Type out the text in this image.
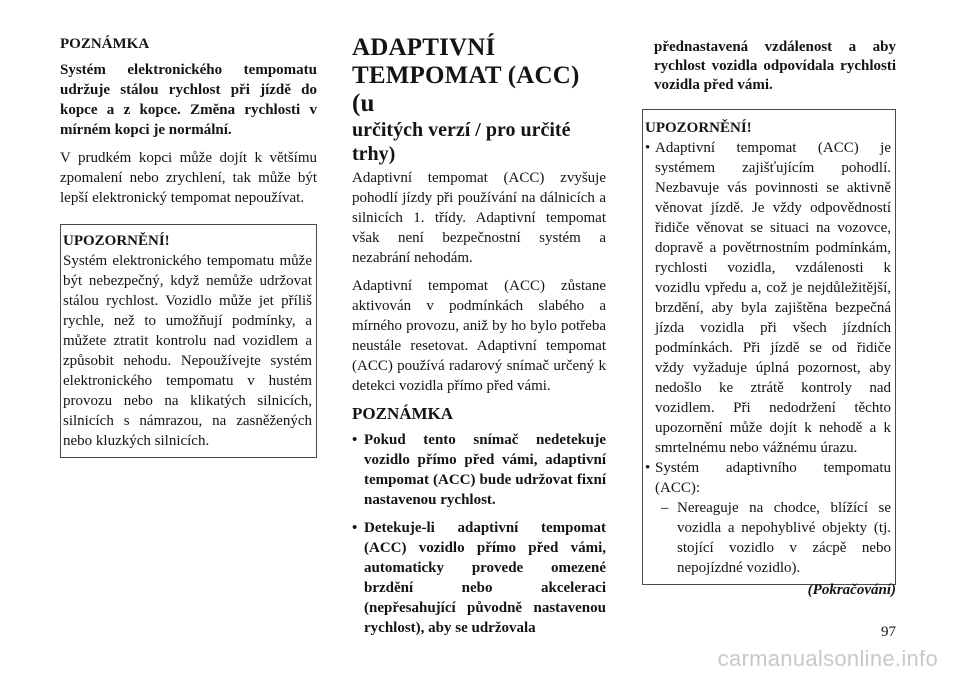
POZNÁMKA

Systém elektronického tempomatu udržuje stálou rychlost při jízdě do kopce a z kopce. Změna rychlosti v mírném kopci je normální.

V prudkém kopci může dojít k většímu zpomalení nebo zrychlení, tak může být lepší elektronický tempomat nepoužívat.

UPOZORNĚNÍ!

Systém elektronického tempomatu může být nebezpečný, když nemůže udržovat stálou rychlost. Vozidlo může jet příliš rychle, než to umožňují podmínky, a můžete ztratit kontrolu nad vozidlem a způsobit nehodu. Nepoužívejte systém elektronického tempomatu v hustém provozu nebo na klikatých silnicích, silnicích s námrazou, na zasněžených nebo kluzkých silnicích.

ADAPTIVNÍ TEMPOMAT (ACC) (u
určitých verzí / pro určité trhy)

Adaptivní tempomat (ACC) zvyšuje pohodlí jízdy při používání na dálnicích a silnicích 1. třídy. Adaptivní tempomat však není bezpečnostní systém a nezabrání nehodám.

Adaptivní tempomat (ACC) zůstane aktivován v podmínkách slabého a mírného provozu, aniž by ho bylo potřeba neustále resetovat. Adaptivní tempomat (ACC) používá radarový snímač určený k detekci vozidla přímo před vámi.

POZNÁMKA
• Pokud tento snímač nedetekuje vozidlo přímo před vámi, adaptivní tempomat (ACC) bude udržovat fixní nastavenou rychlost.
• Detekuje-li adaptivní tempomat (ACC) vozidlo přímo před vámi, automaticky provede omezené brzdění nebo akceleraci (nepřesahující původně nastavenou rychlost), aby se udržovala

přednastavená vzdálenost a aby rychlost vozidla odpovídala rychlosti vozidla před vámi.

UPOZORNĚNÍ!
• Adaptivní tempomat (ACC) je systémem zajišťujícím pohodlí. Nezbavuje vás povinnosti se aktivně věnovat jízdě. Je vždy odpovědností řidiče věnovat se situaci na vozovce, dopravě a povětrnostním podmínkám, rychlosti vozidla, vzdálenosti k vozidlu vpředu a, což je nejdůležitější, brzdění, aby byla zajištěna bezpečná jízda vozidla při všech jízdních podmínkách. Při jízdě se od řidiče vždy vyžaduje úplná pozornost, aby nedošlo ke ztrátě kontroly nad vozidlem. Při nedodržení těchto upozornění může dojít k nehodě a k smrtelnému nebo vážnému úrazu.
• Systém adaptivního tempomatu (ACC):
– Nereaguje na chodce, blížící se vozidla a nepohyblivé objekty (tj. stojící vozidlo v zácpě nebo nepojízdné vozidlo).
(Pokračování)
97
carmanualsonline.info
